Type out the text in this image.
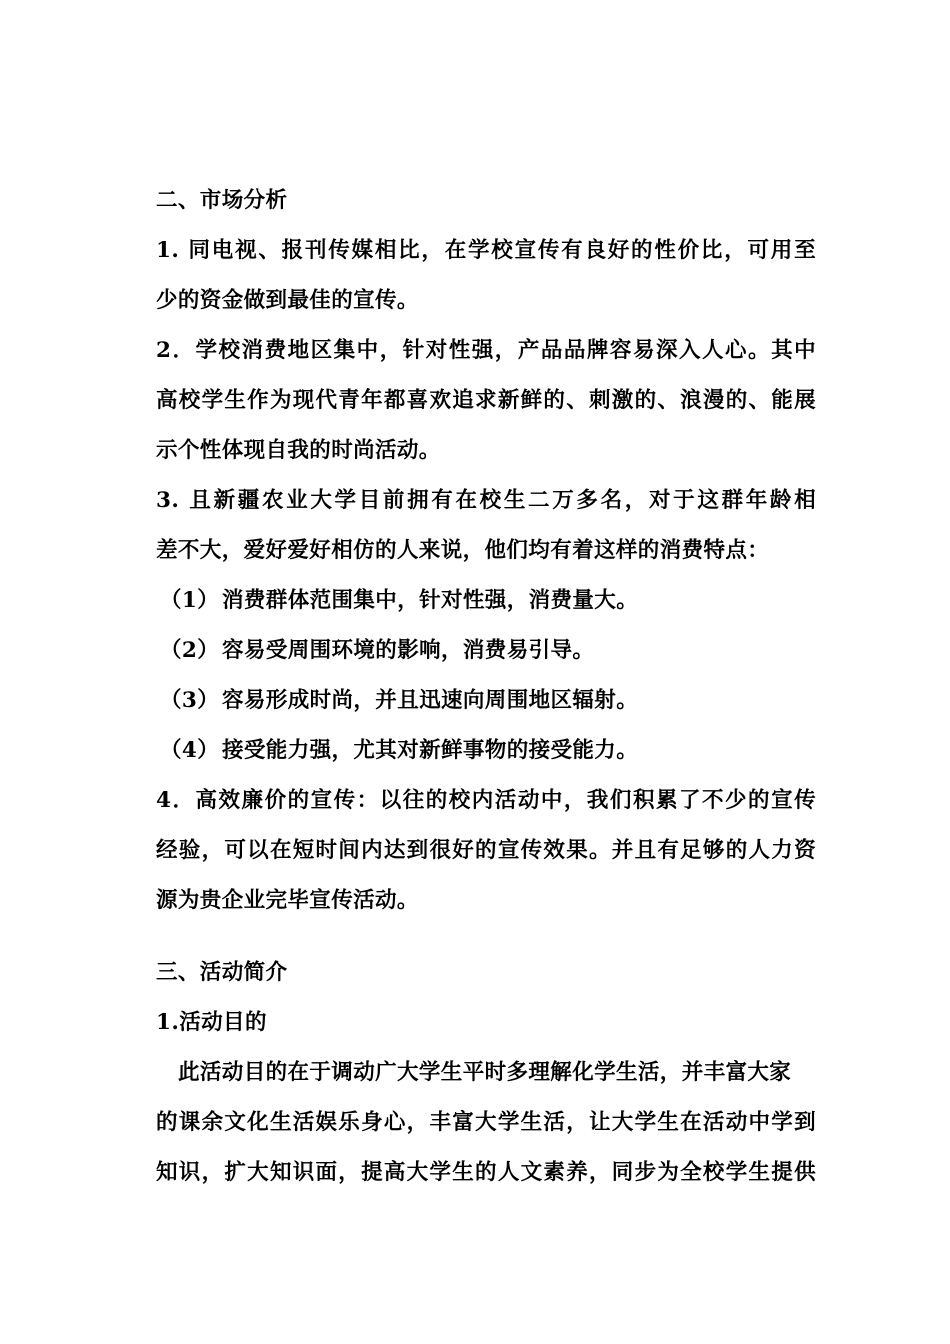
二、市场分析
1. 同电视、报刊传媒相比，在学校宣传有良好的性价比，可用至
少的资金做到最佳的宣传。
2．学校消费地区集中，针对性强，产品品牌容易深入人心。其中
高校学生作为现代青年都喜欢追求新鲜的、刺激的、浪漫的、能展
示个性体现自我的时尚活动。
3. 且新疆农业大学目前拥有在校生二万多名，对于这群年龄相
差不大，爱好爱好相仿的人来说，他们均有着这样的消费特点：
（1） 消费群体范围集中，针对性强，消费量大。
（2） 容易受周围环境的影响，消费易引导。
（3） 容易形成时尚，并且迅速向周围地区辐射。
（4） 接受能力强，尤其对新鲜事物的接受能力。
4．高效廉价的宣传：以往的校内活动中，我们积累了不少的宣传
经验，可以在短时间内达到很好的宣传效果。并且有足够的人力资
源为贵企业完毕宣传活动。
三、活动简介
1.活动目的
此活动目的在于调动广大学生平时多理解化学生活，并丰富大家
的课余文化生活娱乐身心，丰富大学生活，让大学生在活动中学到
知识，扩大知识面，提高大学生的人文素养，同步为全校学生提供
